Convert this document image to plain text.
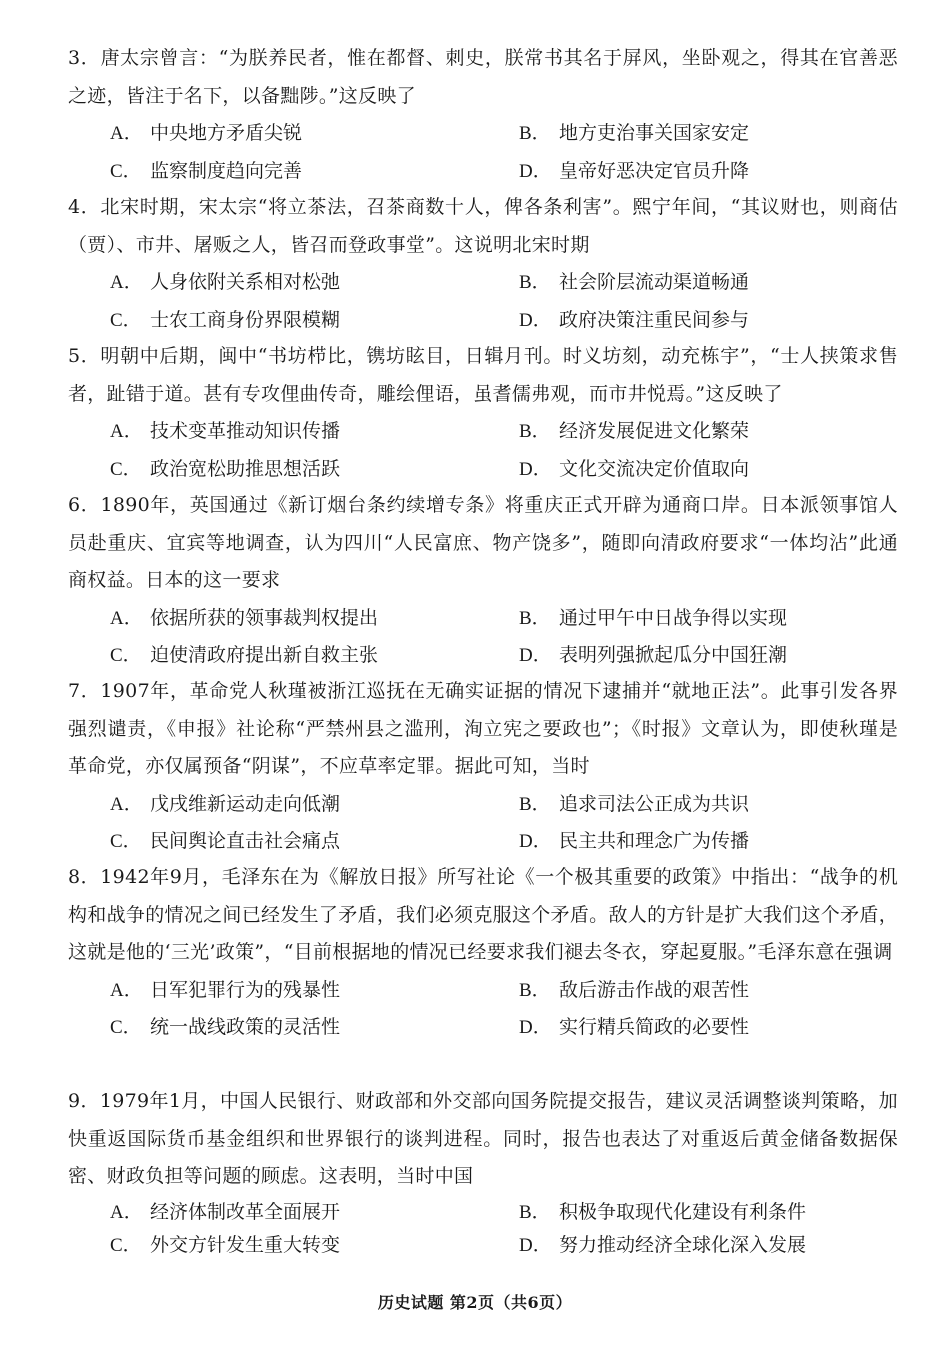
3．唐太宗曾言：“为朕养民者，惟在都督、刺史，朕常书其名于屏风，坐卧观之，得其在官善恶之迹，皆注于名下，以备黜陟。”这反映了

A． 中央地方矛盾尖锐	B． 地方吏治事关国家安定
C． 监察制度趋向完善	D． 皇帝好恶决定官员升降

4．北宋时期，宋太宗“将立茶法，召茶商数十人，俾各条利害”。熙宁年间，“其议财也，则商估（贾）、市井、屠贩之人，皆召而登政事堂”。这说明北宋时期

A． 人身依附关系相对松弛	B． 社会阶层流动渠道畅通
C． 士农工商身份界限模糊	D． 政府决策注重民间参与

5．明朝中后期，闽中“书坊栉比，镌坊眩目，日辑月刊。时义坊刻，动充栋宇”，“士人挟策求售者，趾错于道。甚有专攻俚曲传奇，雕绘俚语，虽耆儒弗观，而市井悦焉。”这反映了

A． 技术变革推动知识传播	B． 经济发展促进文化繁荣
C． 政治宽松助推思想活跃	D． 文化交流决定价值取向

6．1890年，英国通过《新订烟台条约续增专条》将重庆正式开辟为通商口岸。日本派领事馆人员赴重庆、宜宾等地调查，认为四川“人民富庶、物产饶多”，随即向清政府要求“一体均沾”此通商权益。日本的这一要求

A． 依据所获的领事裁判权提出	B． 通过甲午中日战争得以实现
C． 迫使清政府提出新自救主张	D． 表明列强掀起瓜分中国狂潮

7．1907年，革命党人秋瑾被浙江巡抚在无确实证据的情况下逮捕并“就地正法”。此事引发各界强烈谴责，《申报》社论称“严禁州县之滥刑，洵立宪之要政也”；《时报》文章认为，即使秋瑾是革命党，亦仅属预备“阴谋”，不应草率定罪。据此可知，当时

A． 戊戌维新运动走向低潮	B． 追求司法公正成为共识
C． 民间舆论直击社会痛点	D． 民主共和理念广为传播

8．1942年9月，毛泽东在为《解放日报》所写社论《一个极其重要的政策》中指出：“战争的机构和战争的情况之间已经发生了矛盾，我们必须克服这个矛盾。敌人的方针是扩大我们这个矛盾，这就是他的‘三光’政策”，“目前根据地的情况已经要求我们褪去冬衣，穿起夏服。”毛泽东意在强调

A． 日军犯罪行为的残暴性	B． 敌后游击作战的艰苦性
C． 统一战线政策的灵活性	D． 实行精兵简政的必要性

9．1979年1月，中国人民银行、财政部和外交部向国务院提交报告，建议灵活调整谈判策略，加快重返国际货币基金组织和世界银行的谈判进程。同时，报告也表达了对重返后黄金储备数据保密、财政负担等问题的顾虑。这表明，当时中国

A． 经济体制改革全面展开	B． 积极争取现代化建设有利条件
C． 外交方针发生重大转变	D． 努力推动经济全球化深入发展
历史试题 第2页（共6页）
